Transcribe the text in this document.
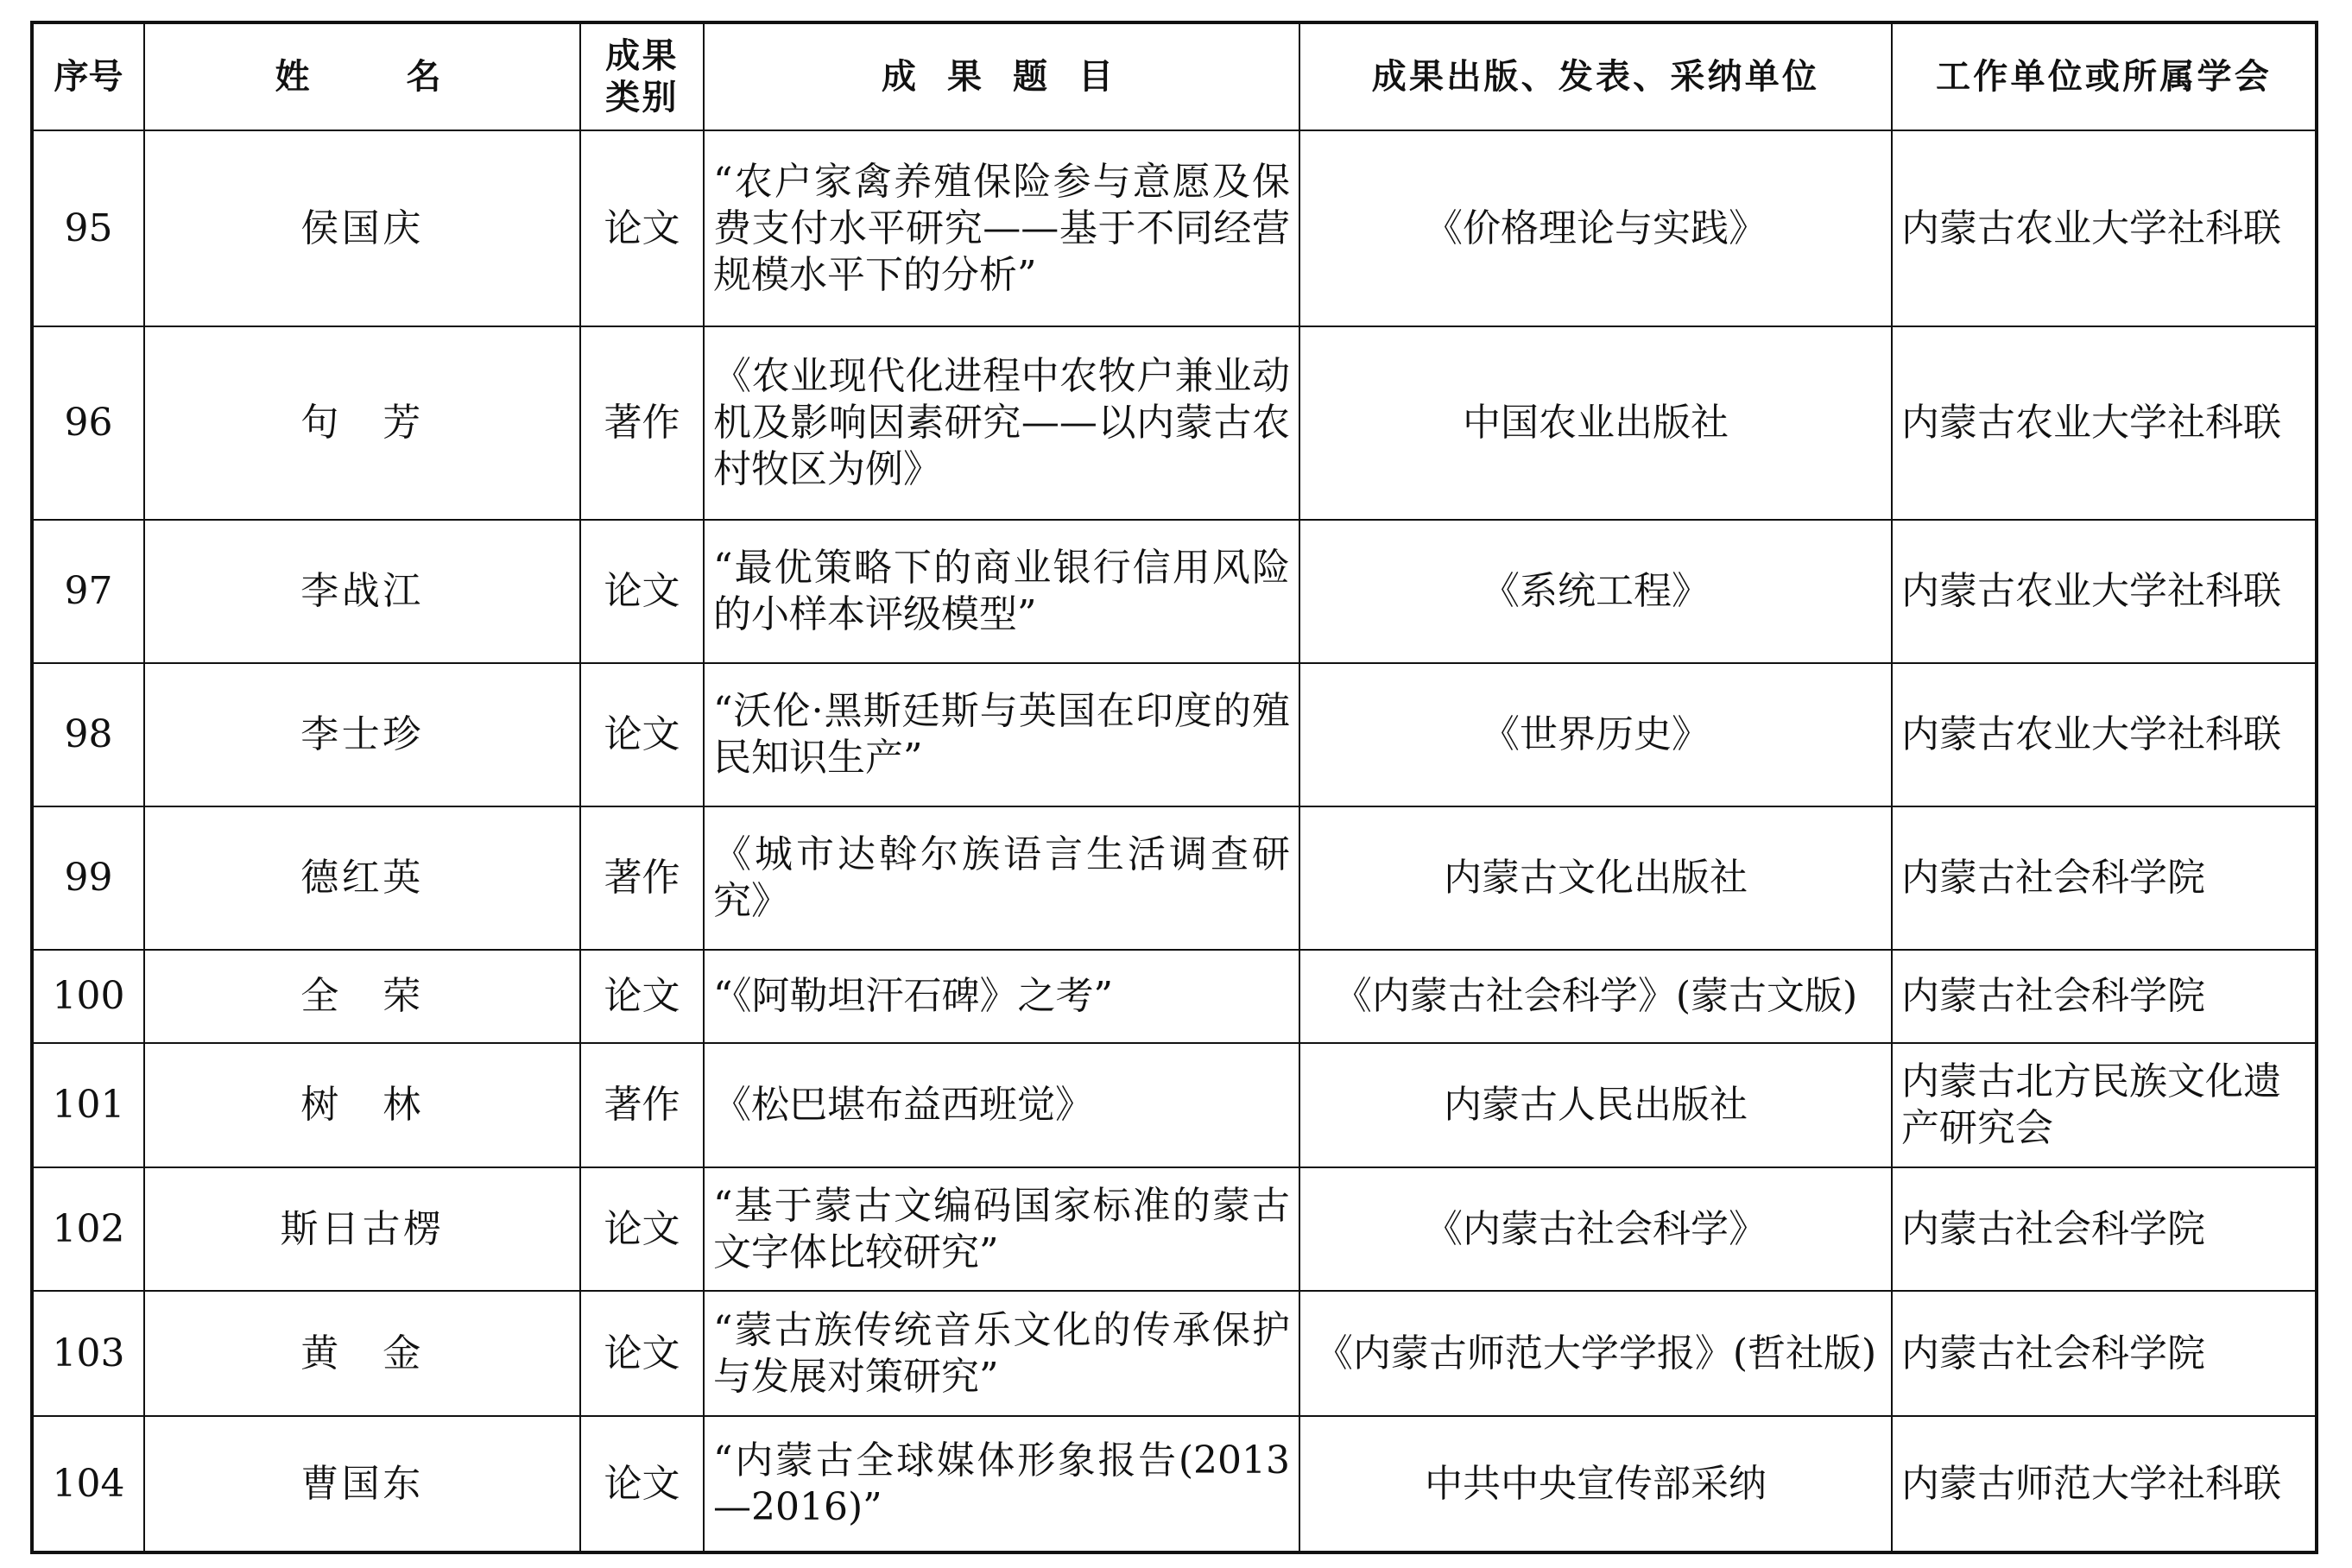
序号	姓　名	成果类别	成果题目	成果出版、发表、采纳单位	工作单位或所属学会
95	侯国庆	论文	“农户家禽养殖保险参与意愿及保费支付水平研究——基于不同经营规模水平下的分析”	《价格理论与实践》	内蒙古农业大学社科联
96	句　芳	著作	《农业现代化进程中农牧户兼业动机及影响因素研究——以内蒙古农村牧区为例》	中国农业出版社	内蒙古农业大学社科联
97	李战江	论文	“最优策略下的商业银行信用风险的小样本评级模型”	《系统工程》	内蒙古农业大学社科联
98	李士珍	论文	“沃伦·黑斯廷斯与英国在印度的殖民知识生产”	《世界历史》	内蒙古农业大学社科联
99	德红英	著作	《城市达斡尔族语言生活调查研究》	内蒙古文化出版社	内蒙古社会科学院
100	全　荣	论文	“《阿勒坦汗石碑》之考”	《内蒙古社会科学》(蒙古文版)	内蒙古社会科学院
101	树　林	著作	《松巴堪布益西班觉》	内蒙古人民出版社	内蒙古北方民族文化遗产研究会
102	斯日古楞	论文	“基于蒙古文编码国家标准的蒙古文字体比较研究”	《内蒙古社会科学》	内蒙古社会科学院
103	黄　金	论文	“蒙古族传统音乐文化的传承保护与发展对策研究”	《内蒙古师范大学学报》(哲社版)	内蒙古社会科学院
104	曹国东	论文	“内蒙古全球媒体形象报告(2013—2016)”	中共中央宣传部采纳	内蒙古师范大学社科联
